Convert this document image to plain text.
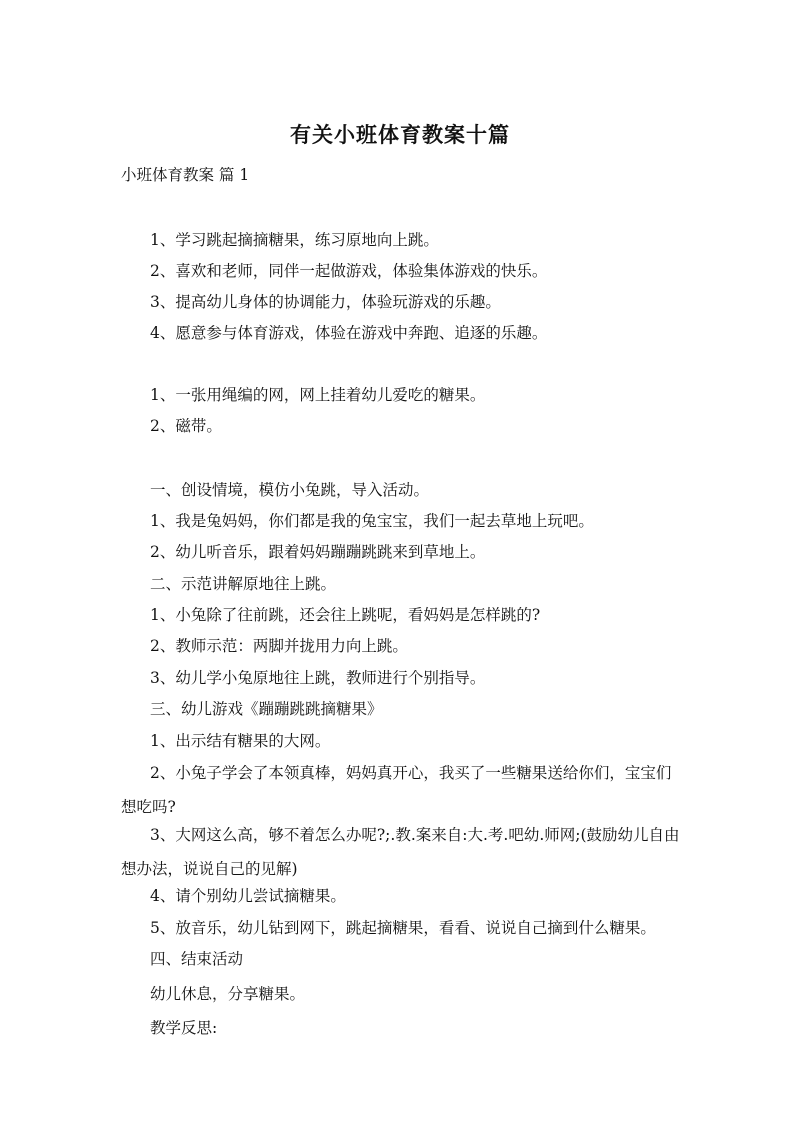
有关小班体育教案十篇
小班体育教案 篇 1
1、学习跳起摘摘糖果，练习原地向上跳。
2、喜欢和老师，同伴一起做游戏，体验集体游戏的快乐。
3、提高幼儿身体的协调能力，体验玩游戏的乐趣。
4、愿意参与体育游戏，体验在游戏中奔跑、追逐的乐趣。
1、一张用绳编的网，网上挂着幼儿爱吃的糖果。
2、磁带。
一、创设情境，模仿小兔跳，导入活动。
1、我是兔妈妈，你们都是我的兔宝宝，我们一起去草地上玩吧。
2、幼儿听音乐，跟着妈妈蹦蹦跳跳来到草地上。
二、示范讲解原地往上跳。
1、小兔除了往前跳，还会往上跳呢，看妈妈是怎样跳的?
2、教师示范：两脚并拢用力向上跳。
3、幼儿学小兔原地往上跳，教师进行个别指导。
三、幼儿游戏《蹦蹦跳跳摘糖果》
1、出示结有糖果的大网。
2、小兔子学会了本领真棒，妈妈真开心，我买了一些糖果送给你们，宝宝们想吃吗?
3、大网这么高，够不着怎么办呢?;.教.案来自:大.考.吧幼.师网;(鼓励幼儿自由想办法，说说自己的见解)
4、请个别幼儿尝试摘糖果。
5、放音乐，幼儿钻到网下，跳起摘糖果，看看、说说自己摘到什么糖果。
四、结束活动
幼儿休息，分享糖果。
教学反思:
